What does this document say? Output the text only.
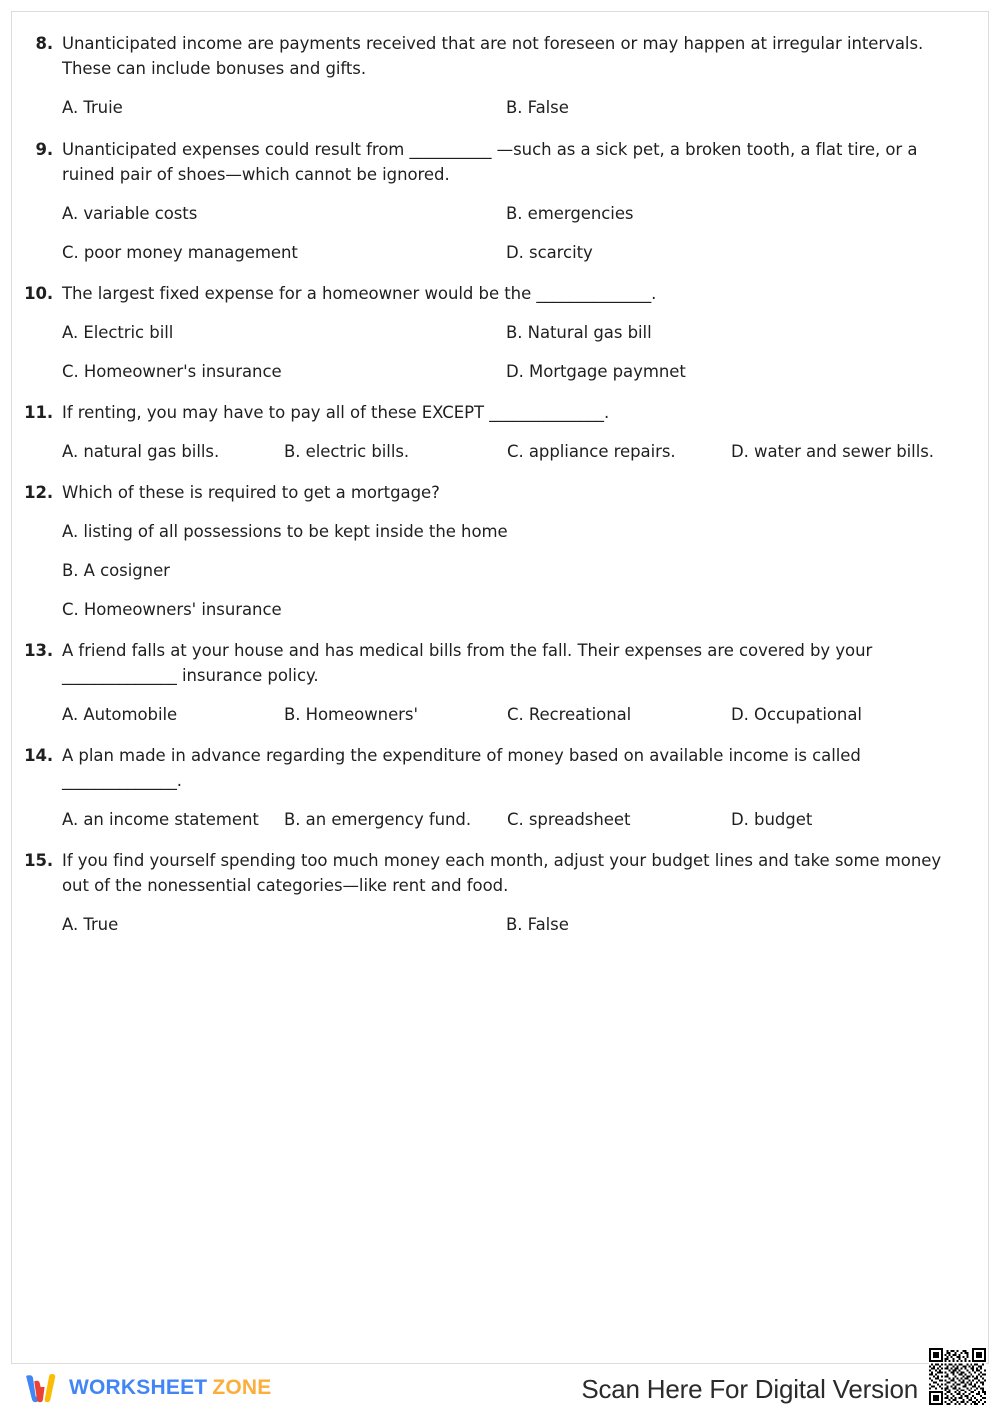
8. Unanticipated income are payments received that are not foreseen or may happen at irregular intervals. These can include bonuses and gifts.
A. Truie	B. False
9. Unanticipated expenses could result from __________ —such as a sick pet, a broken tooth, a flat tire, or a ruined pair of shoes—which cannot be ignored.
A. variable costs	B. emergencies
C. poor money management	D. scarcity
10. The largest fixed expense for a homeowner would be the ______________.
A. Electric bill	B. Natural gas bill
C. Homeowner's insurance	D. Mortgage paymnet
11. If renting, you may have to pay all of these EXCEPT ______________.
A. natural gas bills.	B. electric bills.	C. appliance repairs.	D. water and sewer bills.
12. Which of these is required to get a mortgage?
A. listing of all possessions to be kept inside the home
B. A cosigner
C. Homeowners' insurance
13. A friend falls at your house and has medical bills from the fall. Their expenses are covered by your ______________ insurance policy.
A. Automobile	B. Homeowners'	C. Recreational	D. Occupational
14. A plan made in advance regarding the expenditure of money based on available income is called ______________.
A. an income statement	B. an emergency fund.	C. spreadsheet	D. budget
15. If you find yourself spending too much money each month, adjust your budget lines and take some money out of the nonessential categories—like rent and food.
A. True	B. False
WORKSHEET ZONE	Scan Here For Digital Version
